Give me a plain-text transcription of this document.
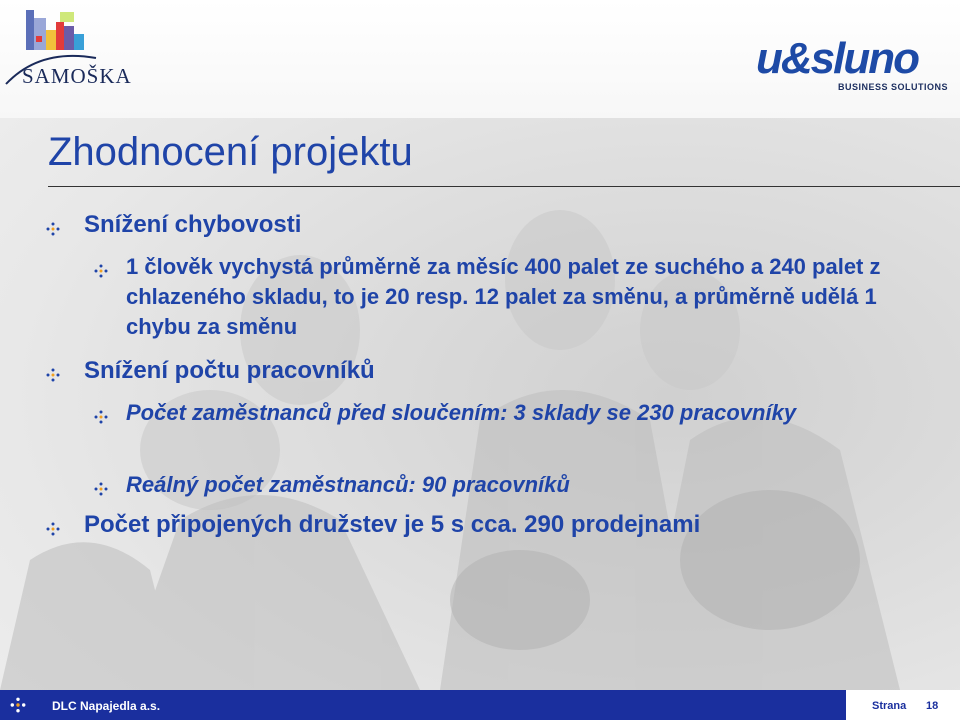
SAMOŠKA	u&sluno
BUSINESS SOLUTIONS
Zhodnocení projektu
Snížení chybovosti
1 člověk vychystá průměrně za měsíc 400 palet ze suchého a 240 palet z chlazeného skladu, to je 20 resp. 12 palet za směnu, a průměrně udělá 1 chybu za směnu
Snížení počtu pracovníků
Počet zaměstnanců před sloučením: 3 sklady se 230 pracovníky
Reálný počet zaměstnanců: 90 pracovníků
Počet připojených družstev je 5 s cca. 290 prodejnami
DLC Napajedla a.s.	Strana 18
